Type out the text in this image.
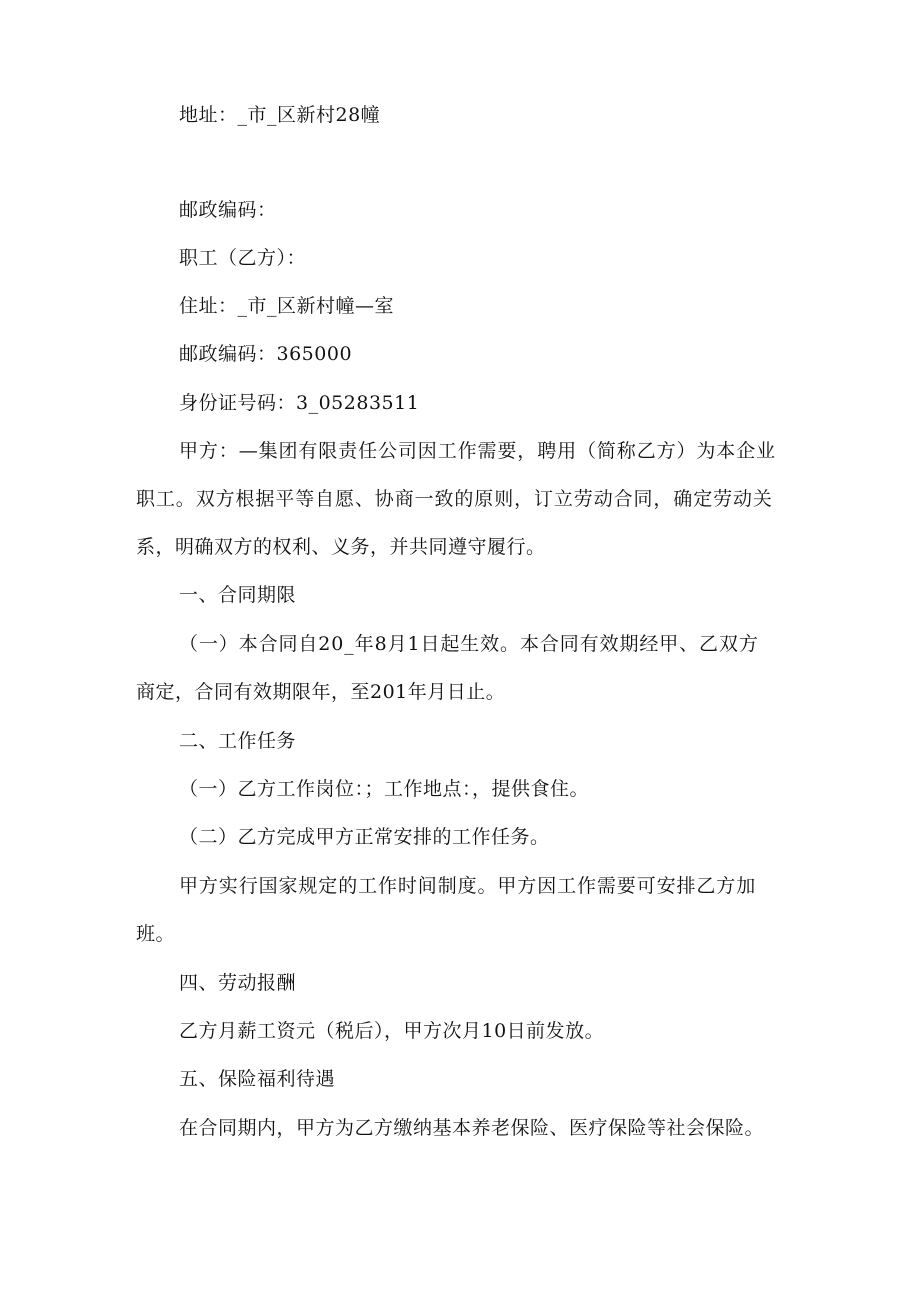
地址：_市_区新村28幢
邮政编码：
职工（乙方）：
住址：_市_区新村幢—室
邮政编码：365000
身份证号码：3_05283511
甲方：—集团有限责任公司因工作需要，聘用（简称乙方）为本企业
职工。双方根据平等自愿、协商一致的原则，订立劳动合同，确定劳动关
系，明确双方的权利、义务，并共同遵守履行。
一、合同期限
（一）本合同自20_年8月1日起生效。本合同有效期经甲、乙双方
商定，合同有效期限年，至201年月日止。
二、工作任务
（一）乙方工作岗位：；工作地点：，提供食住。
（二）乙方完成甲方正常安排的工作任务。
甲方实行国家规定的工作时间制度。甲方因工作需要可安排乙方加
班。
四、劳动报酬
乙方月薪工资元（税后），甲方次月10日前发放。
五、保险福利待遇
在合同期内，甲方为乙方缴纳基本养老保险、医疗保险等社会保险。
